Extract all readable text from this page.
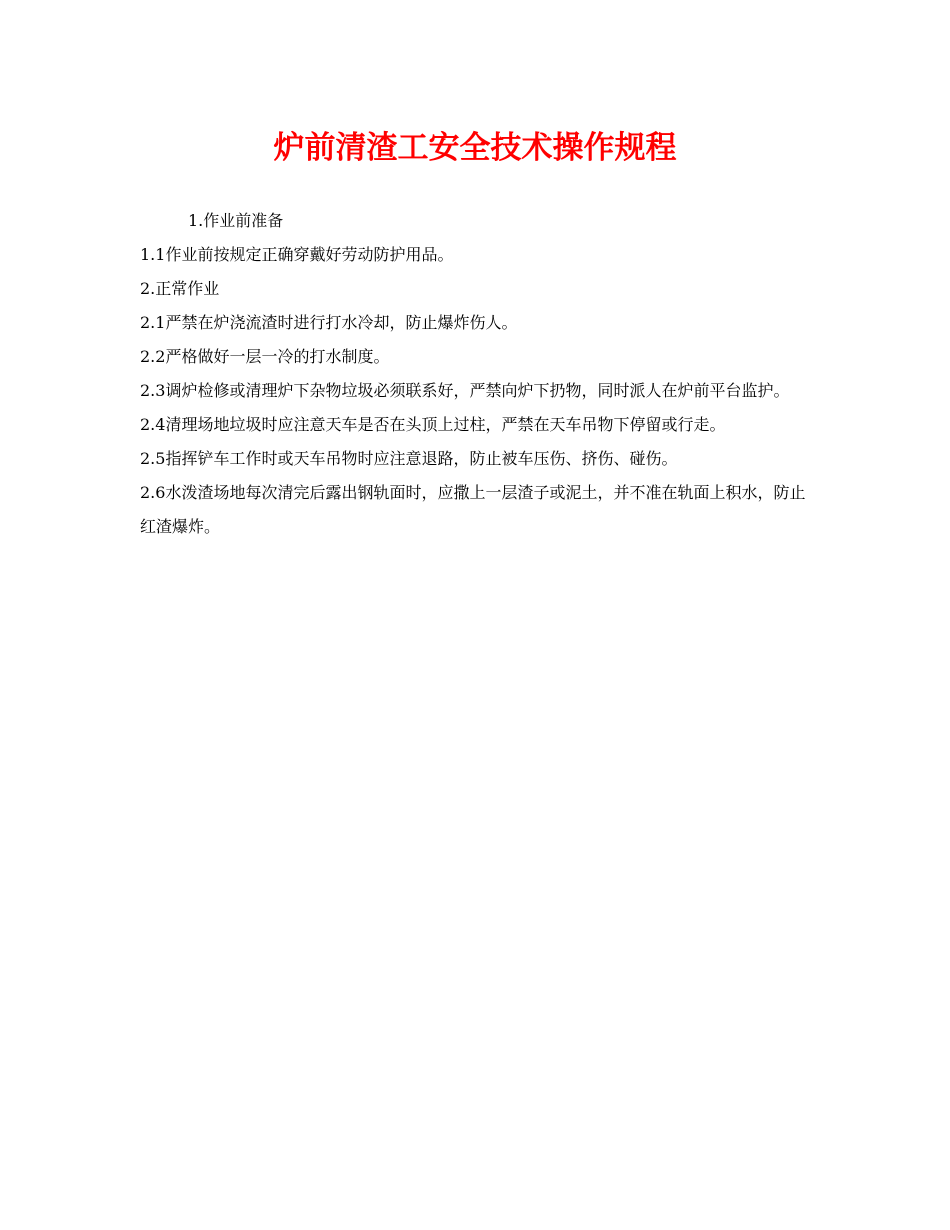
炉前清渣工安全技术操作规程

1.作业前准备

1.1作业前按规定正确穿戴好劳动防护用品。

2.正常作业

2.1严禁在炉浇流渣时进行打水冷却，防止爆炸伤人。

2.2严格做好一层一冷的打水制度。

2.3调炉检修或清理炉下杂物垃圾必须联系好，严禁向炉下扔物，同时派人在炉前平台监护。

2.4清理场地垃圾时应注意天车是否在头顶上过柱，严禁在天车吊物下停留或行走。

2.5指挥铲车工作时或天车吊物时应注意退路，防止被车压伤、挤伤、碰伤。

2.6水泼渣场地每次清完后露出钢轨面时，应撒上一层渣子或泥土，并不准在轨面上积水，防止红渣爆炸。
